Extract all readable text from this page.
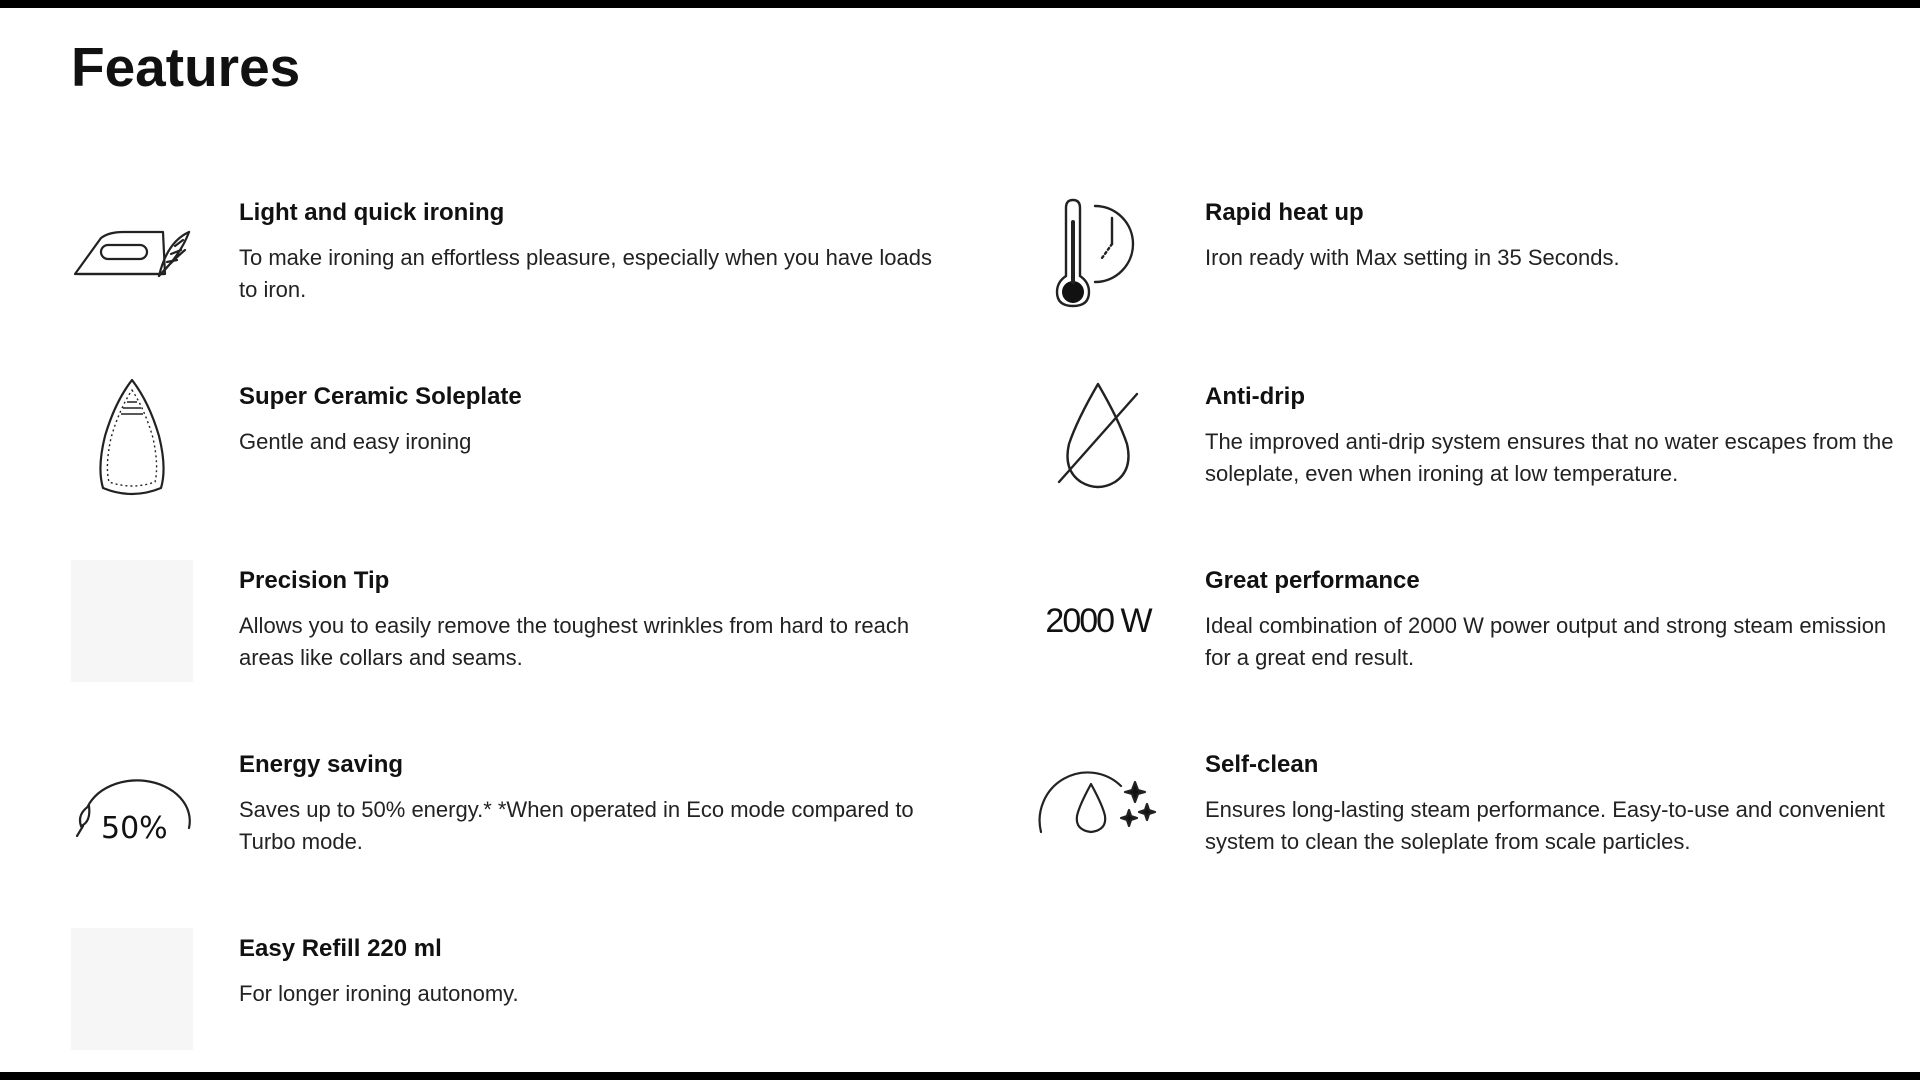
Features
Light and quick ironing

To make ironing an effortless pleasure, especially when you have loads to iron.

Rapid heat up

Iron ready with Max setting in 35 Seconds.

Super Ceramic Soleplate

Gentle and easy ironing

Anti-drip

The improved anti-drip system ensures that no water escapes from the soleplate, even when ironing at low temperature.

Precision Tip

Allows you to easily remove the toughest wrinkles from hard to reach areas like collars and seams.

2000 W
Great performance

Ideal combination of 2000 W power output and strong steam emission for a great end result.

50%
Energy saving

Saves up to 50% energy.* *When operated in Eco mode compared to Turbo mode.

Self-clean

Ensures long-lasting steam performance. Easy-to-use and convenient system to clean the soleplate from scale particles.

Easy Refill 220 ml

For longer ironing autonomy.
